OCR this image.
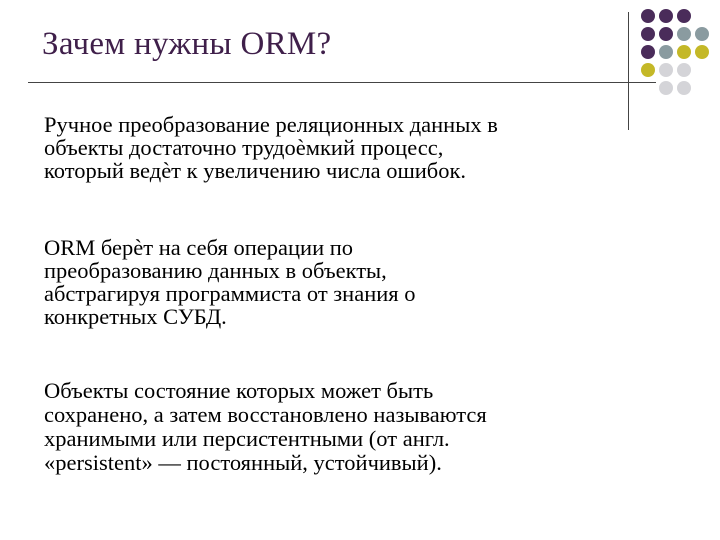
Зачем нужны ORM?

Ручное преобразование реляционных данных в
объекты достаточно трудоѐмкий процесс,
который ведѐт к увеличению числа ошибок.

ORM берѐт на себя операции по
преобразованию данных в объекты,
абстрагируя программиста от знания о
конкретных СУБД.

Объекты состояние которых может быть
сохранено, а затем восстановлено называются
хранимыми или персистентными (от англ.
«persistent» — постоянный, устойчивый).
